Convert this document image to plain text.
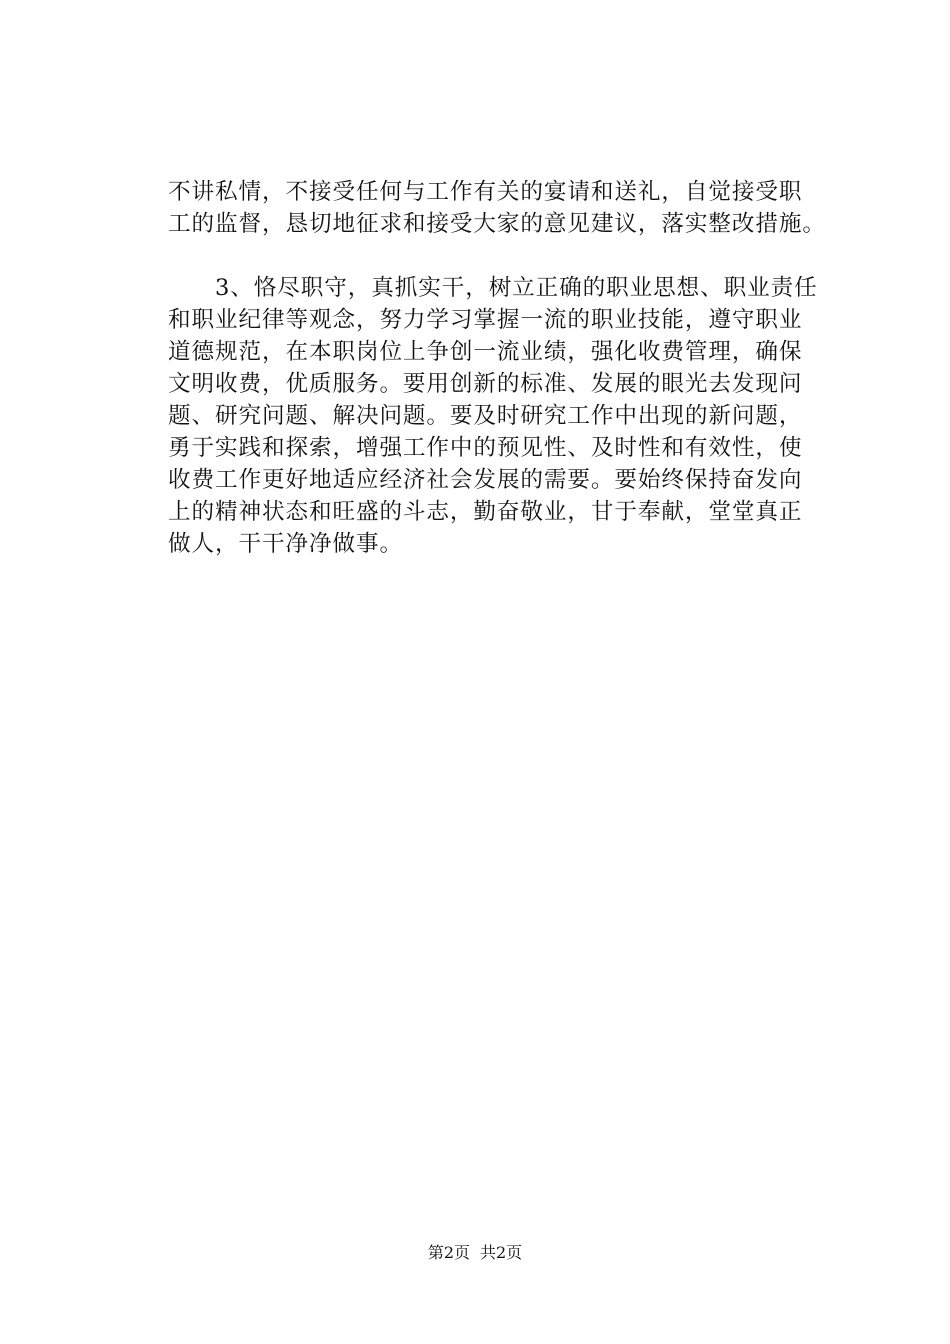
不讲私情，不接受任何与工作有关的宴请和送礼，自觉接受职
工的监督，恳切地征求和接受大家的意见建议，落实整改措施。
　　3、恪尽职守，真抓实干，树立正确的职业思想、职业责任
和职业纪律等观念，努力学习掌握一流的职业技能，遵守职业
道德规范，在本职岗位上争创一流业绩，强化收费管理，确保
文明收费，优质服务。要用创新的标准、发展的眼光去发现问
题、研究问题、解决问题。要及时研究工作中出现的新问题，
勇于实践和探索，增强工作中的预见性、及时性和有效性，使
收费工作更好地适应经济社会发展的需要。要始终保持奋发向
上的精神状态和旺盛的斗志，勤奋敬业，甘于奉献，堂堂真正
做人，干干净净做事。
第2页 共2页
